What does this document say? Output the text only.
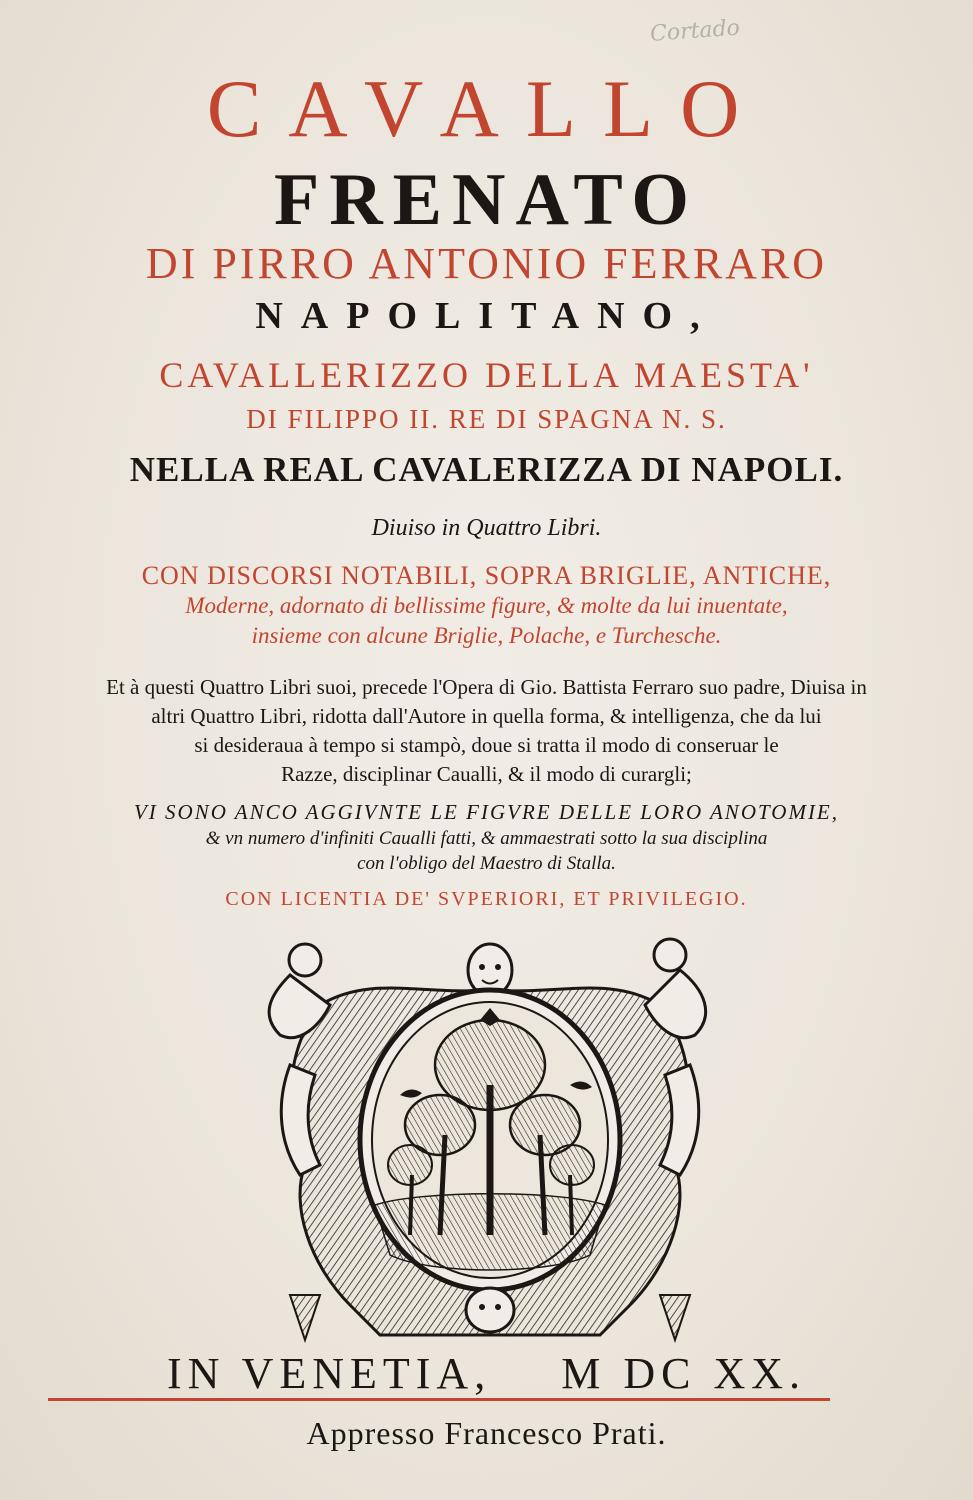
Cortado
CAVALLO
FRENATO
DI PIRRO ANTONIO FERRARO
NAPOLITANO,
CAVALLERIZZO DELLA MAESTA'
DI FILIPPO II. RE DI SPAGNA N. S.
NELLA REAL CAVALERIZZA DI NAPOLI.
Diuiso in Quattro Libri.
CON DISCORSI NOTABILI, SOPRA BRIGLIE, ANTICHE,
Moderne, adornato di bellissime figure, & molte da lui inuentate,
insieme con alcune Briglie, Polache, e Turchesche.
Et à questi Quattro Libri suoi, precede l'Opera di Gio. Battista Ferraro suo padre, Diuisa in
altri Quattro Libri, ridotta dall'Autore in quella forma, & intelligenza, che da lui
si desideraua à tempo si stampò, doue si tratta il modo di conseruar le
Razze, disciplinar Caualli, & il modo di curargli;
VI SONO ANCO AGGIVNTE LE FIGVRE DELLE LORO ANOTOMIE,
& vn numero d'infiniti Caualli fatti, & ammaestrati sotto la sua disciplina
con l'obligo del Maestro di Stalla.
CON LICENTIA DE' SVPERIORI, ET PRIVILEGIO.
IN VENETIA, M DC XX.
Appresso Francesco Prati.
